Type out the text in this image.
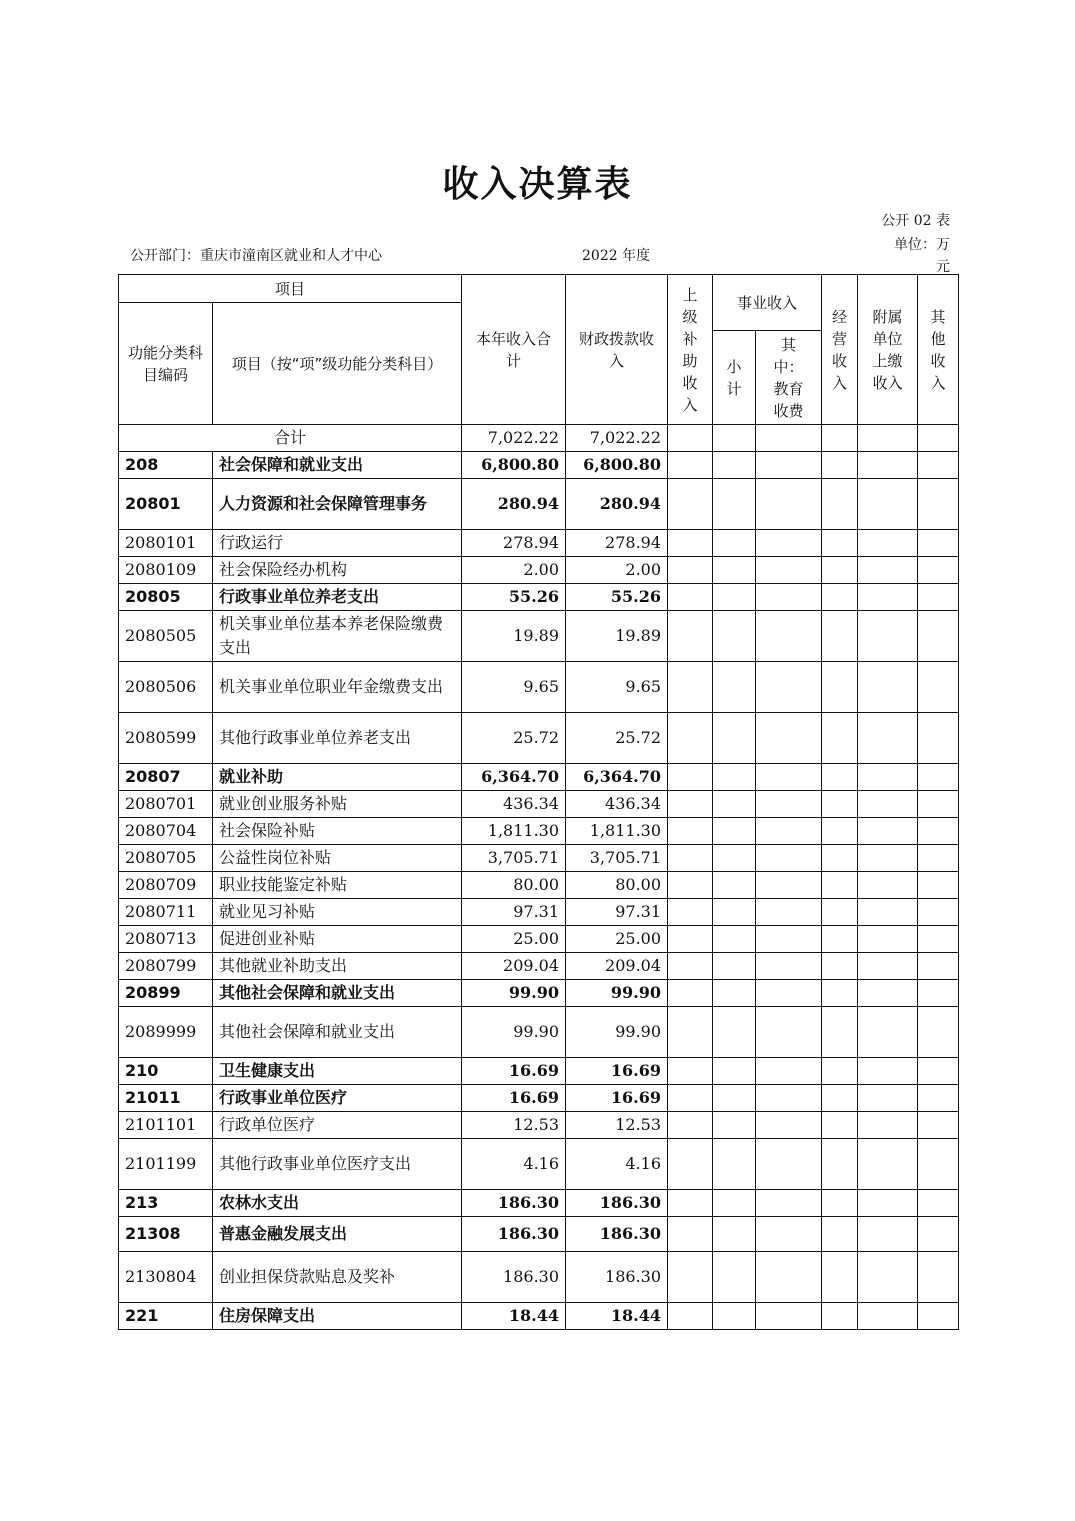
收入决算表
公开 02 表
单位：万
元
公开部门：重庆市潼南区就业和人才中心	2022 年度
项目		本年收入合计	财政拨款收入	上级补助收入	事业收入		经营收入	附属单位上缴收入	其他收入
功能分类科目编码	项目（按“项”级功能分类科目）								
					小计	其中：教育收费			
合计		7,022.22	7,022.22						
208	社会保障和就业支出	6,800.80	6,800.80						
20801	人力资源和社会保障管理事务	280.94	280.94						
2080101	行政运行	278.94	278.94						
2080109	社会保险经办机构	2.00	2.00						
20805	行政事业单位养老支出	55.26	55.26						
2080505	机关事业单位基本养老保险缴费支出	19.89	19.89						
2080506	机关事业单位职业年金缴费支出	9.65	9.65						
2080599	其他行政事业单位养老支出	25.72	25.72						
20807	就业补助	6,364.70	6,364.70						
2080701	就业创业服务补贴	436.34	436.34						
2080704	社会保险补贴	1,811.30	1,811.30						
2080705	公益性岗位补贴	3,705.71	3,705.71						
2080709	职业技能鉴定补贴	80.00	80.00						
2080711	就业见习补贴	97.31	97.31						
2080713	促进创业补贴	25.00	25.00						
2080799	其他就业补助支出	209.04	209.04						
20899	其他社会保障和就业支出	99.90	99.90						
2089999	其他社会保障和就业支出	99.90	99.90						
210	卫生健康支出	16.69	16.69						
21011	行政事业单位医疗	16.69	16.69						
2101101	行政单位医疗	12.53	12.53						
2101199	其他行政事业单位医疗支出	4.16	4.16						
213	农林水支出	186.30	186.30						
21308	普惠金融发展支出	186.30	186.30						
2130804	创业担保贷款贴息及奖补	186.30	186.30						
221	住房保障支出	18.44	18.44						
